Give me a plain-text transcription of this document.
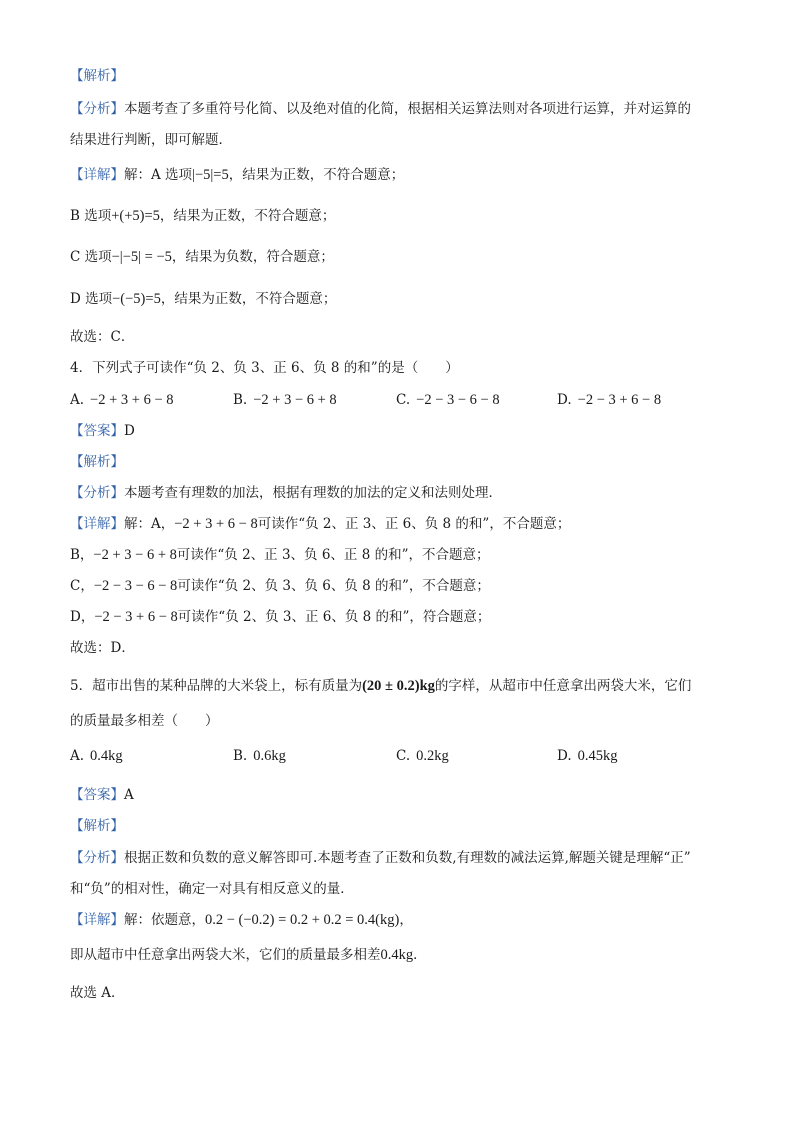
【解析】
【分析】本题考查了多重符号化简、以及绝对值的化简，根据相关运算法则对各项进行运算，并对运算的
结果进行判断，即可解题．
【详解】解：A 选项|−5|=5，结果为正数，不符合题意；
B 选项+(+5)=5，结果为正数，不符合题意；
C 选项−|−5| = −5，结果为负数，符合题意；
D 选项−(−5)=5，结果为正数，不符合题意；
故选：C．
4．下列式子可读作“负 2、负 3、正 6、负 8 的和”的是（　　）
A. −2 + 3 + 6 − 8	B. −2 + 3 − 6 + 8	C. −2 − 3 − 6 − 8	D. −2 − 3 + 6 − 8
【答案】D
【解析】
【分析】本题考查有理数的加法，根据有理数的加法的定义和法则处理．
【详解】解：A，−2 + 3 + 6 − 8可读作“负 2、正 3、正 6、负 8 的和”，不合题意；
B，−2 + 3 − 6 + 8可读作“负 2、正 3、负 6、正 8 的和”，不合题意；
C，−2 − 3 − 6 − 8可读作“负 2、负 3、负 6、负 8 的和”，不合题意；
D，−2 − 3 + 6 − 8可读作“负 2、负 3、正 6、负 8 的和”，符合题意；
故选：D．
5．超市出售的某种品牌的大米袋上，标有质量为(20 ± 0.2)kg的字样，从超市中任意拿出两袋大米，它们
的质量最多相差（　　）
A. 0.4kg	B. 0.6kg	C. 0.2kg	D. 0.45kg
【答案】A
【解析】
【分析】根据正数和负数的意义解答即可.本题考查了正数和负数,有理数的减法运算,解题关键是理解“正”
和“负”的相对性，确定一对具有相反意义的量．
【详解】解：依题意，0.2 − (−0.2) = 0.2 + 0.2 = 0.4(kg)，
即从超市中任意拿出两袋大米，它们的质量最多相差0.4kg．
故选 A．
